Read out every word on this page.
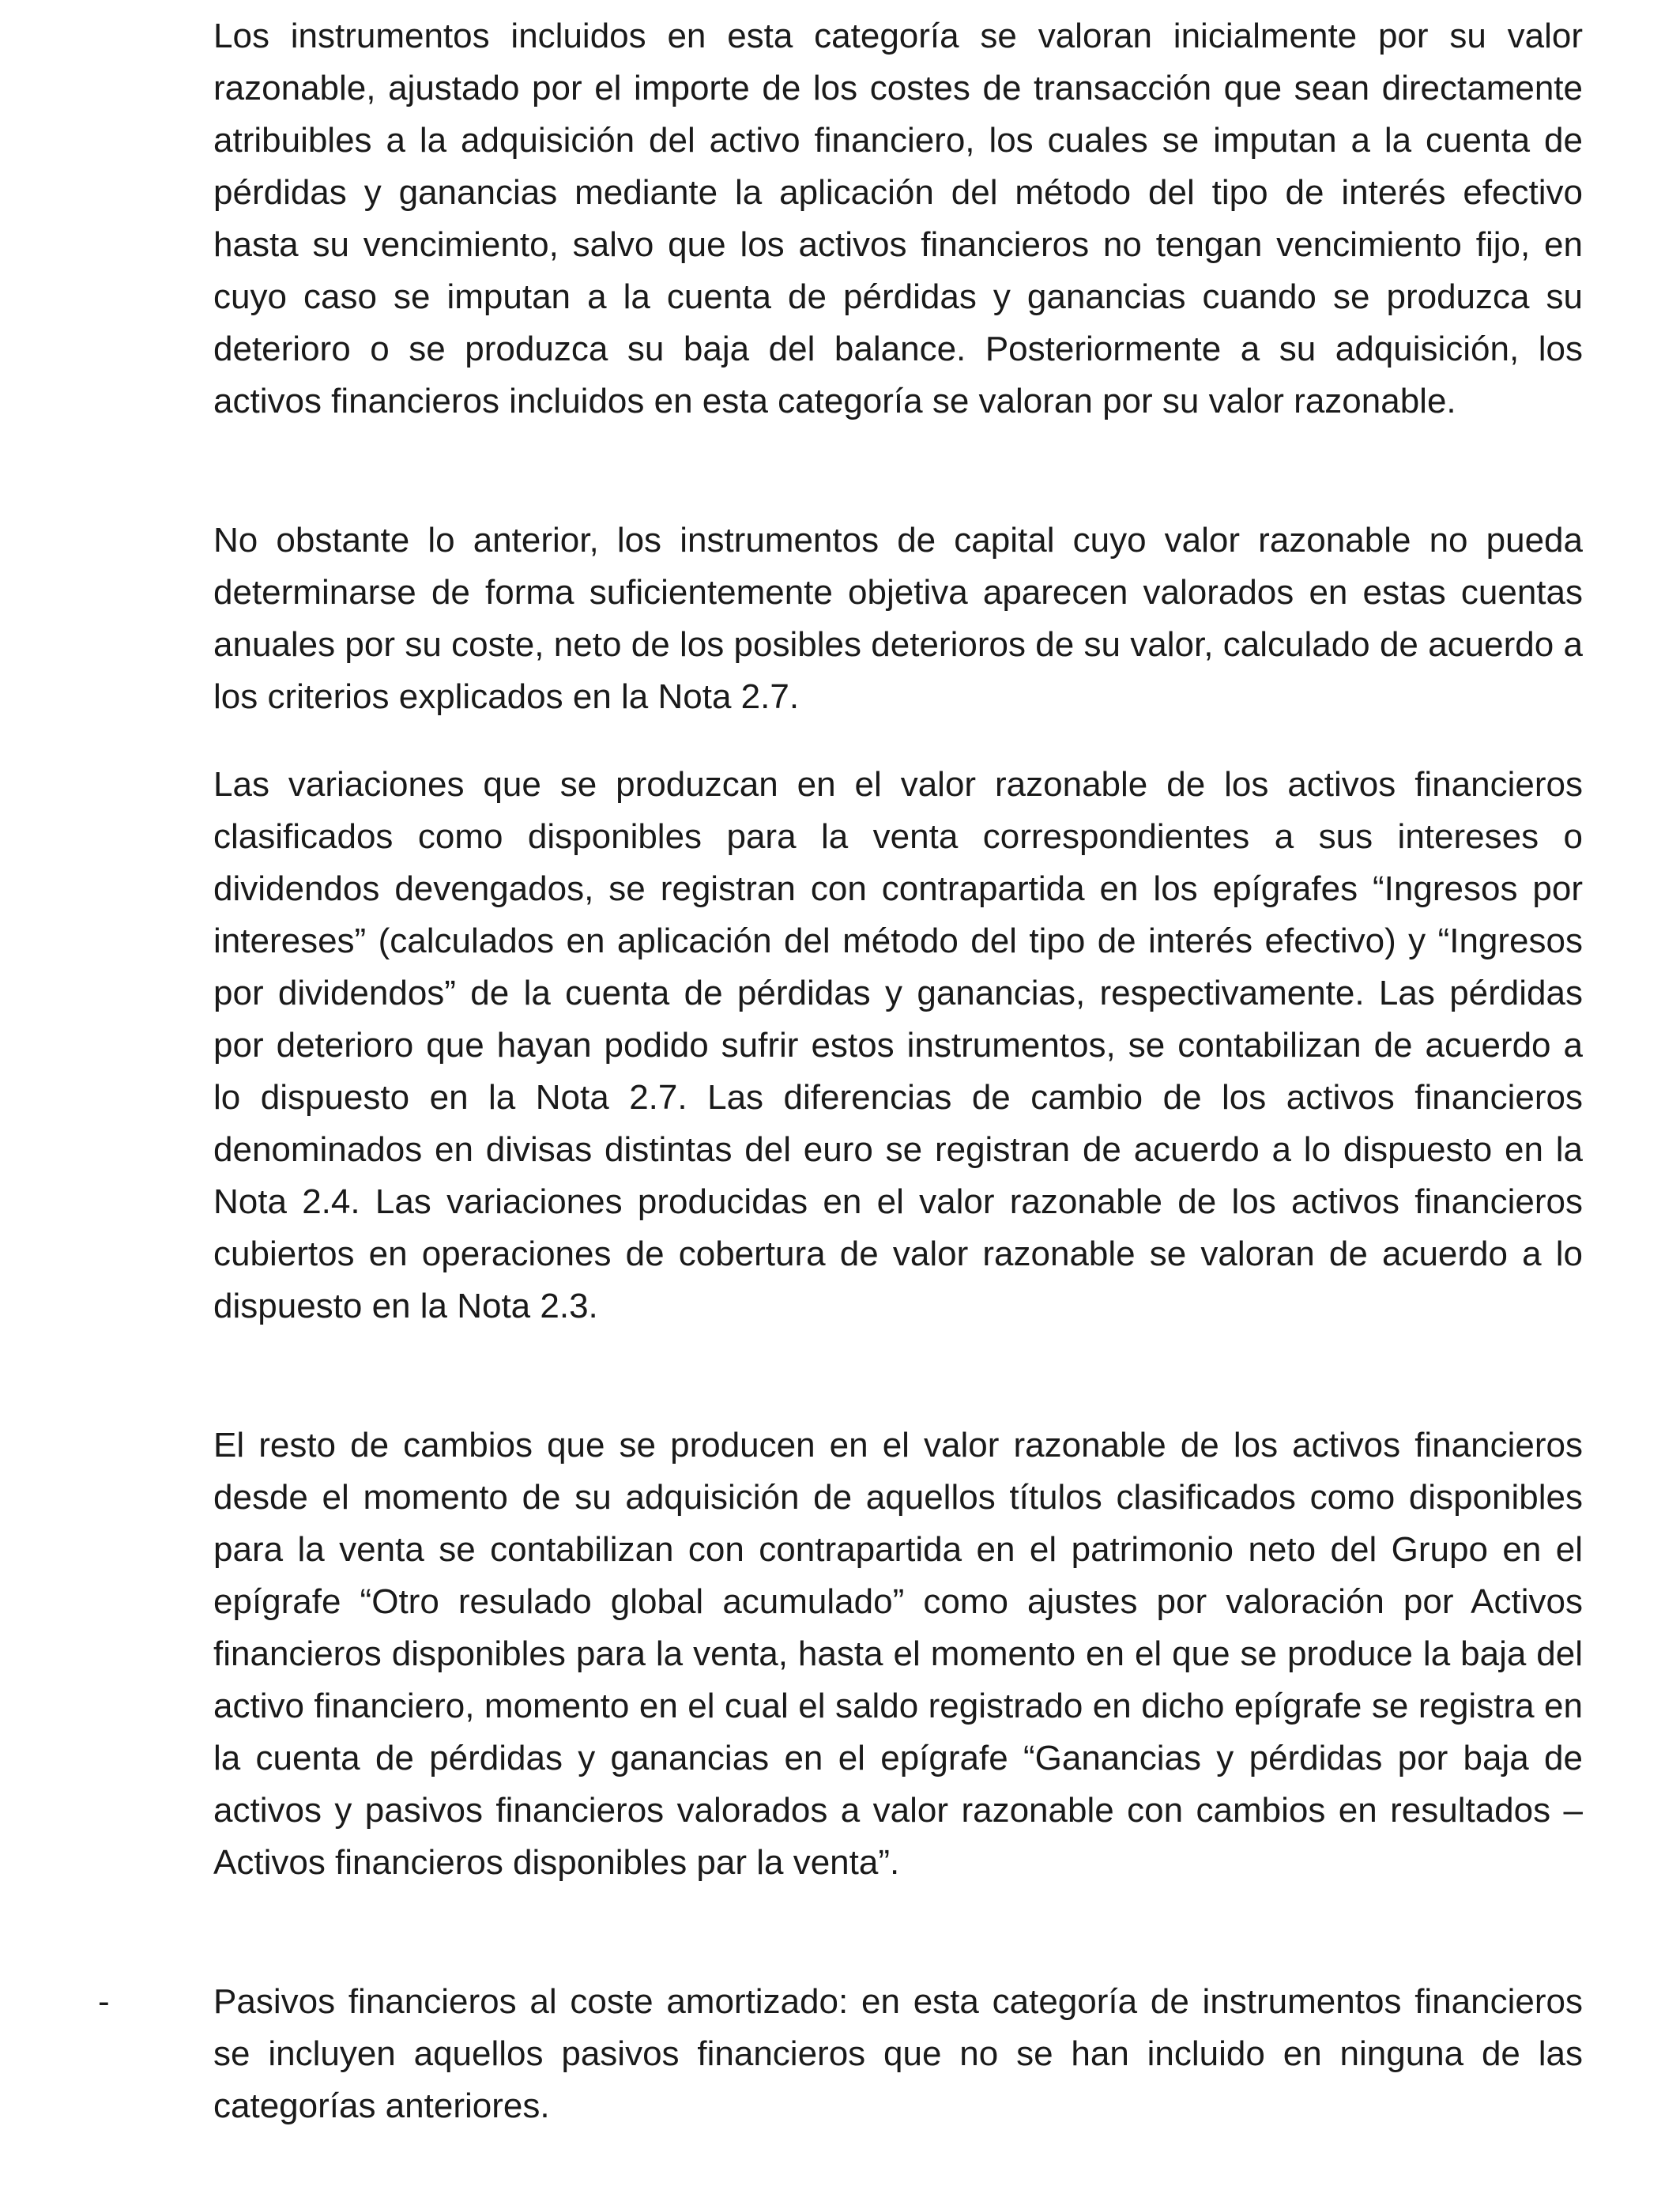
Los instrumentos incluidos en esta categoría se valoran inicialmente por su valor razonable, ajustado por el importe de los costes de transacción que sean directamente atribuibles a la adquisición del activo financiero, los cuales se imputan a la cuenta de pérdidas y ganancias mediante la aplicación del método del tipo de interés efectivo hasta su vencimiento, salvo que los activos financieros no tengan vencimiento fijo, en cuyo caso se imputan a la cuenta de pérdidas y ganancias cuando se produzca su deterioro o se produzca su baja del balance. Posteriormente a su adquisición, los activos financieros incluidos en esta categoría se valoran por su valor razonable.

No obstante lo anterior, los instrumentos de capital cuyo valor razonable no pueda determinarse de forma suficientemente objetiva aparecen valorados en estas cuentas anuales por su coste, neto de los posibles deterioros de su valor, calculado de acuerdo a los criterios explicados en la Nota 2.7.

Las variaciones que se produzcan en el valor razonable de los activos financieros clasificados como disponibles para la venta correspondientes a sus intereses o dividendos devengados, se registran con contrapartida en los epígrafes “Ingresos por intereses” (calculados en aplicación del método del tipo de interés efectivo) y “Ingresos por dividendos” de la cuenta de pérdidas y ganancias, respectivamente. Las pérdidas por deterioro que hayan podido sufrir estos instrumentos, se contabilizan de acuerdo a lo dispuesto en la Nota 2.7. Las diferencias de cambio de los activos financieros denominados en divisas distintas del euro se registran de acuerdo a lo dispuesto en la Nota 2.4. Las variaciones producidas en el valor razonable de los activos financieros cubiertos en operaciones de cobertura de valor razonable se valoran de acuerdo a lo dispuesto en la Nota 2.3.

El resto de cambios que se producen en el valor razonable de los activos financieros desde el momento de su adquisición de aquellos títulos clasificados como disponibles para la venta se contabilizan con contrapartida en el patrimonio neto del Grupo en el epígrafe “Otro resulado global acumulado” como ajustes por valoración por Activos financieros disponibles para la venta, hasta el momento en el que se produce la baja del activo financiero, momento en el cual el saldo registrado en dicho epígrafe se registra en la cuenta de pérdidas y ganancias en el epígrafe “Ganancias y pérdidas por baja de activos y pasivos financieros valorados a valor razonable con cambios en resultados – Activos financieros disponibles par la venta”.

-	Pasivos financieros al coste amortizado: en esta categoría de instrumentos financieros se incluyen aquellos pasivos financieros que no se han incluido en ninguna de las categorías anteriores.
